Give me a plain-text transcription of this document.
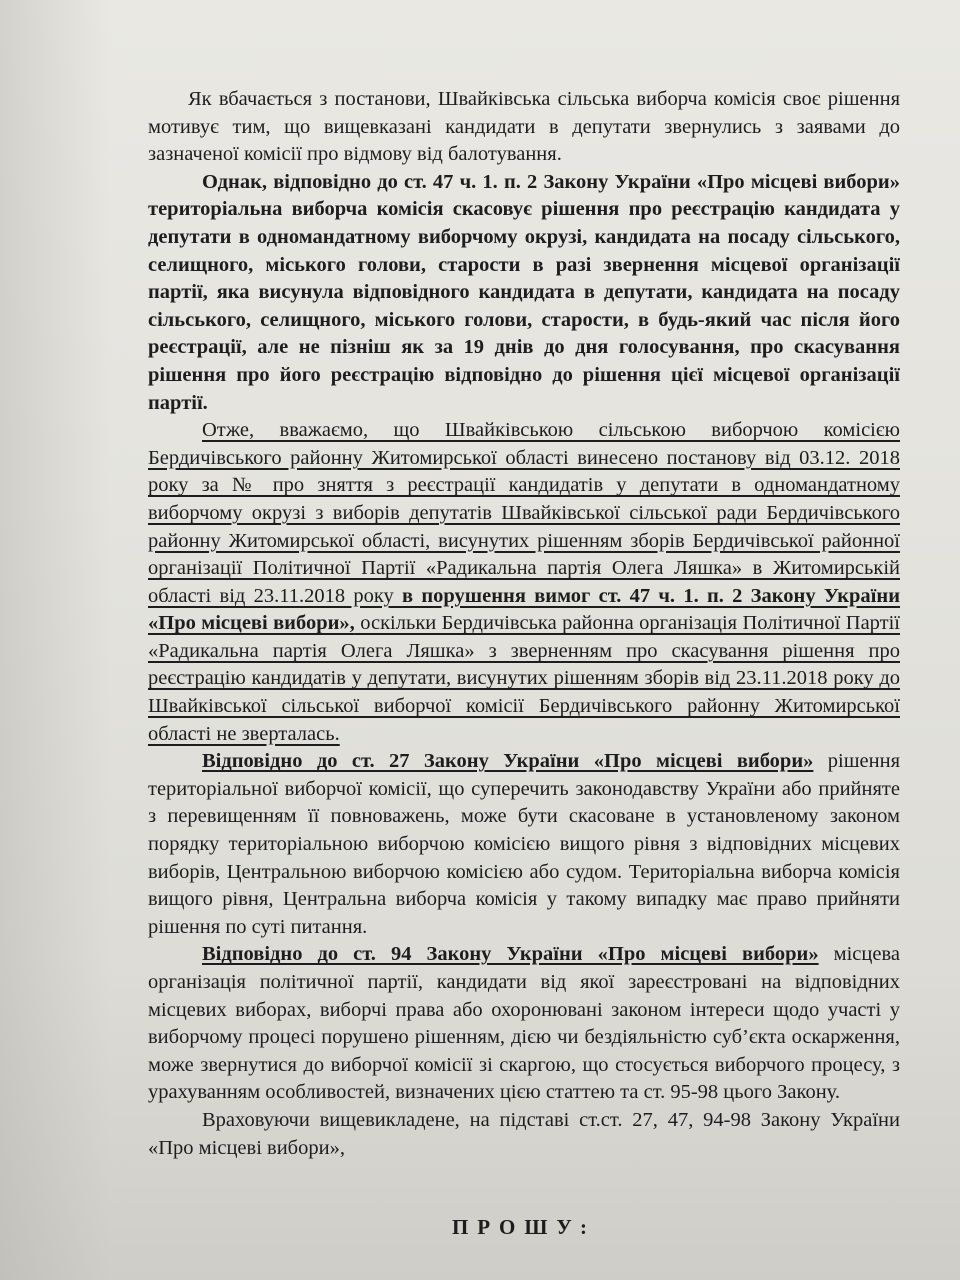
Як вбачається з постанови, Швайківська сільська виборча комісія своє рішення мотивує тим, що вищевказані кандидати в депутати звернулись з заявами до зазначеної комісії про відмову від балотування.

Однак, відповідно до ст. 47 ч. 1. п. 2 Закону України «Про місцеві вибори» територіальна виборча комісія скасовує рішення про реєстрацію кандидата у депутати в одномандатному виборчому окрузі, кандидата на посаду сільського, селищного, міського голови, старости в разі звернення місцевої організації партії, яка висунула відповідного кандидата в депутати, кандидата на посаду сільського, селищного, міського голови, старости, в будь-який час після його реєстрації, але не пізніш як за 19 днів до дня голосування, про скасування рішення про його реєстрацію відповідно до рішення цієї місцевої організації партії.

Отже, вважаємо, що Швайківською сільською виборчою комісією Бердичівського районну Житомирської області винесено постанову від 03.12. 2018 року за № про зняття з реєстрації кандидатів у депутати в одномандатному виборчому окрузі з виборів депутатів Швайківської сільської ради Бердичівського районну Житомирської області, висунутих рішенням зборів Бердичівської районної організації Політичної Партії «Радикальна партія Олега Ляшка» в Житомирській області від 23.11.2018 року в порушення вимог ст. 47 ч. 1. п. 2 Закону України «Про місцеві вибори», оскільки Бердичівська районна організація Політичної Партії «Радикальна партія Олега Ляшка» з зверненням про скасування рішення про реєстрацію кандидатів у депутати, висунутих рішенням зборів від 23.11.2018 року до Швайківської сільської виборчої комісії Бердичівського районну Житомирської області не зверталась.

Відповідно до ст. 27 Закону України «Про місцеві вибори» рішення територіальної виборчої комісії, що суперечить законодавству України або прийняте з перевищенням її повноважень, може бути скасоване в установленому законом порядку територіальною виборчою комісією вищого рівня з відповідних місцевих виборів, Центральною виборчою комісією або судом. Територіальна виборча комісія вищого рівня, Центральна виборча комісія у такому випадку має право прийняти рішення по суті питання.

Відповідно до ст. 94 Закону України «Про місцеві вибори» місцева організація політичної партії, кандидати від якої зареєстровані на відповідних місцевих виборах, виборчі права або охоронювані законом інтереси щодо участі у виборчому процесі порушено рішенням, дією чи бездіяльністю суб’єкта оскарження, може звернутися до виборчої комісії зі скаргою, що стосується виборчого процесу, з урахуванням особливостей, визначених цією статтею та ст. 95-98 цього Закону.

Враховуючи вищевикладене, на підставі ст.ст. 27, 47, 94-98 Закону України «Про місцеві вибори»,

ПРОШУ:
